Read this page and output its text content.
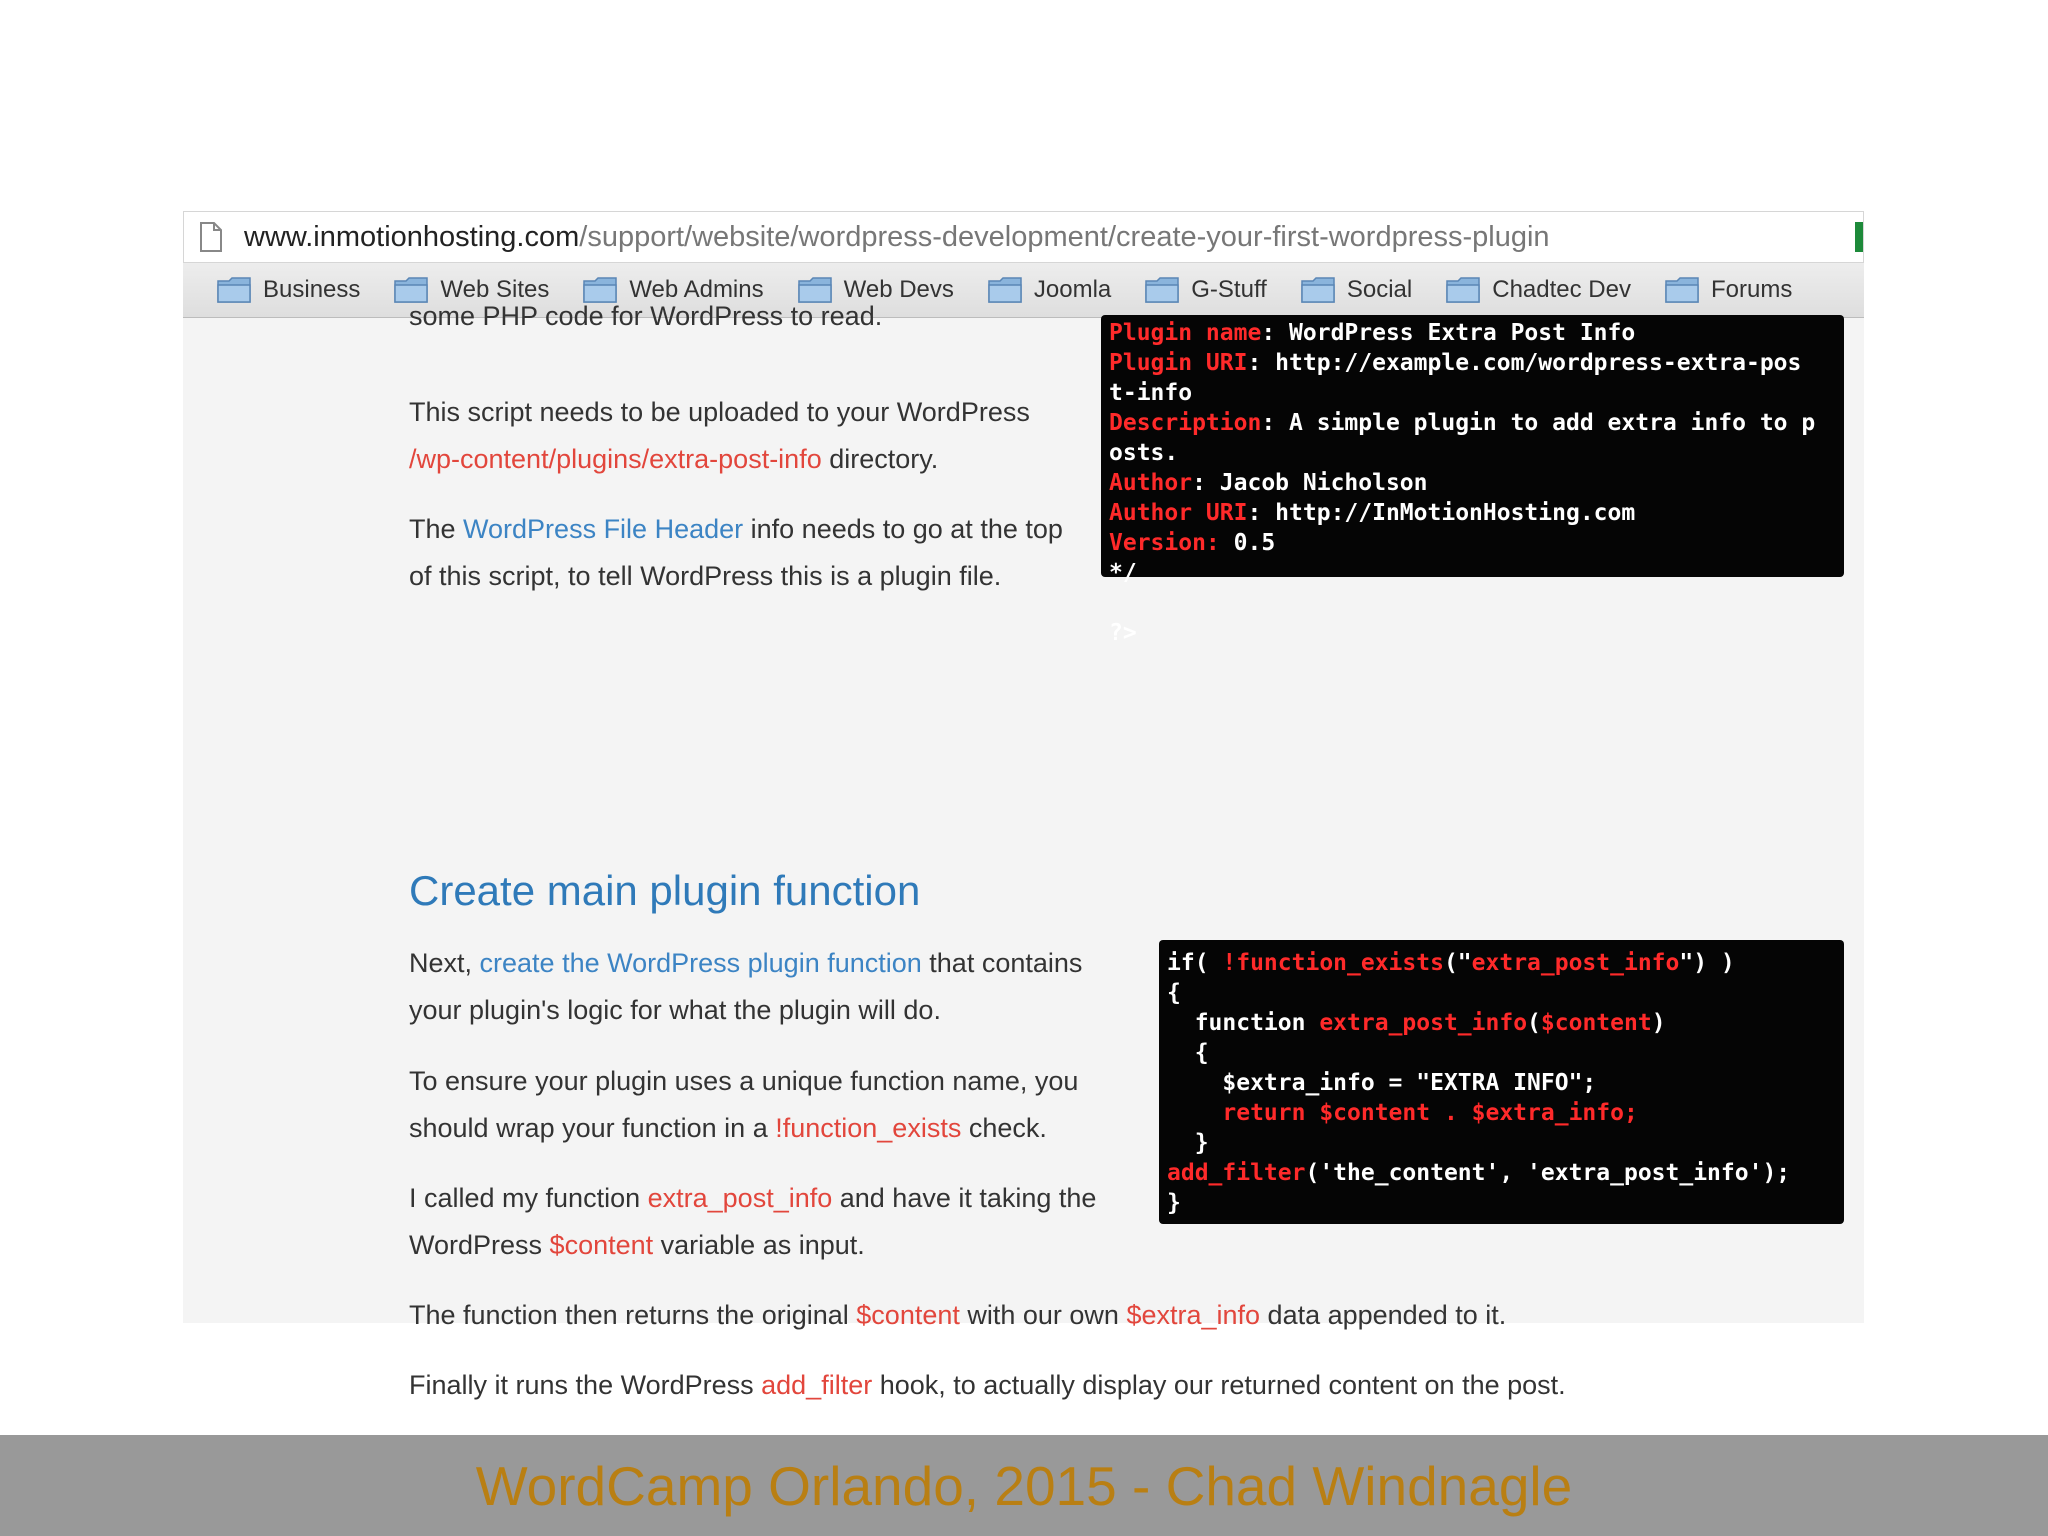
www.inmotionhosting.com /support/website/wordpress-development/create-your-first-wordpress-plugin
Business	Web Sites	Web Admins	Web Devs	Joomla	G-Stuff	Social	Chadtec Dev	Forums
some PHP code for WordPress to read.
This script needs to be uploaded to your WordPress
/wp-content/plugins/extra-post-info directory.
The WordPress File Header info needs to go at the top
of this script, to tell WordPress this is a plugin file.
Plugin name: WordPress Extra Post Info
Plugin URI: http://example.com/wordpress-extra-pos
t-info
Description: A simple plugin to add extra info to p
osts.
Author: Jacob Nicholson
Author URI: http://InMotionHosting.com
Version: 0.5
*/

?>
Create main plugin function
Next, create the WordPress plugin function that contains
your plugin's logic for what the plugin will do.
To ensure your plugin uses a unique function name, you
should wrap your function in a !function_exists check.
I called my function extra_post_info and have it taking the
WordPress $content variable as input.
The function then returns the original $content with our own $extra_info data appended to it.
Finally it runs the WordPress add_filter hook, to actually display our returned content on the post.
if( !function_exists("extra_post_info") )
{
function extra_post_info($content)
{
$extra_info = "EXTRA INFO";
return $content . $extra_info;
}
add_filter('the_content', 'extra_post_info');
}
WordCamp Orlando, 2015 - Chad Windnagle
